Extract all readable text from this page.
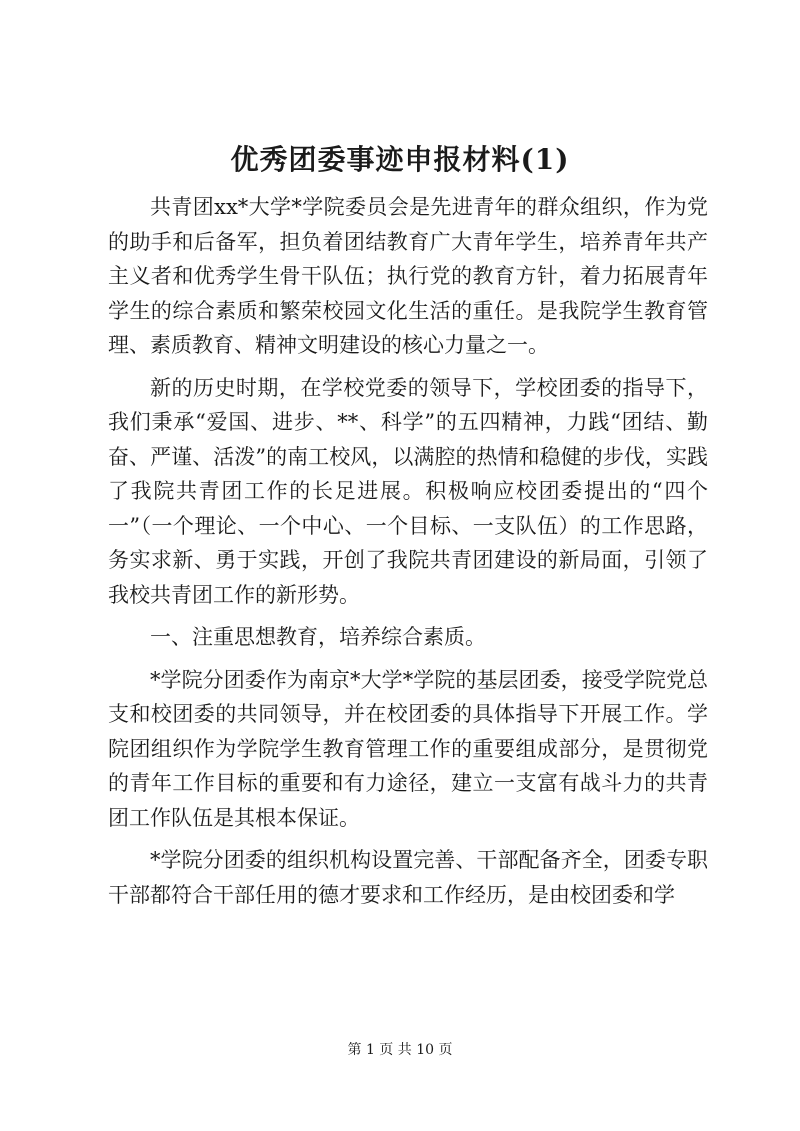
优秀团委事迹申报材料(1)

共青团xx*大学*学院委员会是先进青年的群众组织，作为党的助手和后备军，担负着团结教育广大青年学生，培养青年共产主义者和优秀学生骨干队伍；执行党的教育方针，着力拓展青年学生的综合素质和繁荣校园文化生活的重任。是我院学生教育管理、素质教育、精神文明建设的核心力量之一。

新的历史时期，在学校党委的领导下，学校团委的指导下，我们秉承“爱国、进步、**、科学”的五四精神，力践“团结、勤奋、严谨、活泼”的南工校风，以满腔的热情和稳健的步伐，实践了我院共青团工作的长足进展。积极响应校团委提出的“四个一”（一个理论、一个中心、一个目标、一支队伍）的工作思路，务实求新、勇于实践，开创了我院共青团建设的新局面，引领了我校共青团工作的新形势。

一、注重思想教育，培养综合素质。

*学院分团委作为南京*大学*学院的基层团委，接受学院党总支和校团委的共同领导，并在校团委的具体指导下开展工作。学院团组织作为学院学生教育管理工作的重要组成部分，是贯彻党的青年工作目标的重要和有力途径，建立一支富有战斗力的共青团工作队伍是其根本保证。

*学院分团委的组织机构设置完善、干部配备齐全，团委专职干部都符合干部任用的德才要求和工作经历，是由校团委和学

第 1 页 共 10 页
